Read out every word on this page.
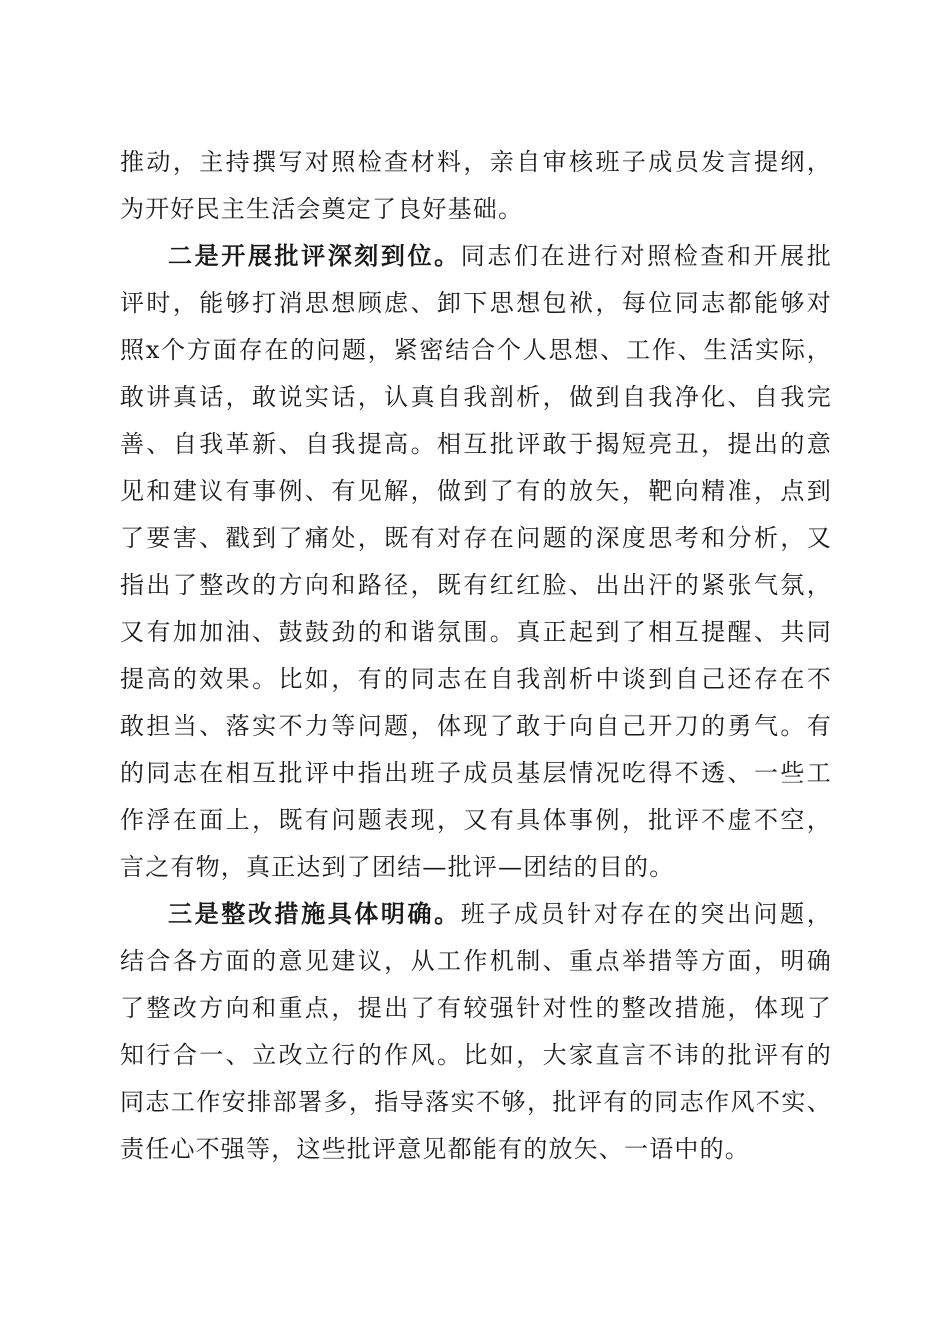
推动，主持撰写对照检查材料，亲自审核班子成员发言提纲，
为开好民主生活会奠定了良好基础。
二是开展批评深刻到位。同志们在进行对照检查和开展批
评时，能够打消思想顾虑、卸下思想包袱，每位同志都能够对
照x个方面存在的问题，紧密结合个人思想、工作、生活实际，
敢讲真话，敢说实话，认真自我剖析，做到自我净化、自我完
善、自我革新、自我提高。相互批评敢于揭短亮丑，提出的意
见和建议有事例、有见解，做到了有的放矢，靶向精准，点到
了要害、戳到了痛处，既有对存在问题的深度思考和分析，又
指出了整改的方向和路径，既有红红脸、出出汗的紧张气氛，
又有加加油、鼓鼓劲的和谐氛围。真正起到了相互提醒、共同
提高的效果。比如，有的同志在自我剖析中谈到自己还存在不
敢担当、落实不力等问题，体现了敢于向自己开刀的勇气。有
的同志在相互批评中指出班子成员基层情况吃得不透、一些工
作浮在面上，既有问题表现，又有具体事例，批评不虚不空，
言之有物，真正达到了团结—批评—团结的目的。
三是整改措施具体明确。班子成员针对存在的突出问题，
结合各方面的意见建议，从工作机制、重点举措等方面，明确
了整改方向和重点，提出了有较强针对性的整改措施，体现了
知行合一、立改立行的作风。比如，大家直言不讳的批评有的
同志工作安排部署多，指导落实不够，批评有的同志作风不实、
责任心不强等，这些批评意见都能有的放矢、一语中的。
